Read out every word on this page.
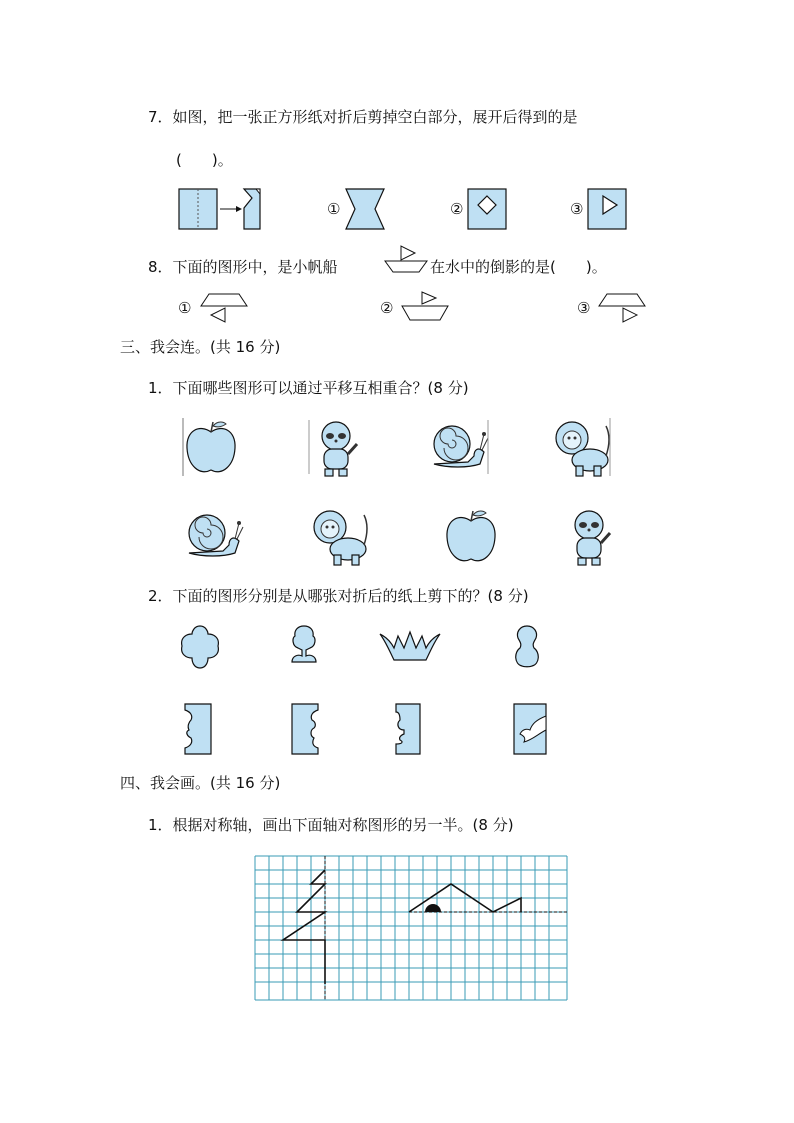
7．如图，把一张正方形纸对折后剪掉空白部分，展开后得到的是
(　　)。
①	②	③
8．下面的图形中，是小帆船	在水中的倒影的是(　　)。
①	②	③
三、我会连。(共 16 分)
1．下面哪些图形可以通过平移互相重合？(8 分)
2．下面的图形分别是从哪张对折后的纸上剪下的？(8 分)
四、我会画。(共 16 分)
1．根据对称轴，画出下面轴对称图形的另一半。(8 分)
